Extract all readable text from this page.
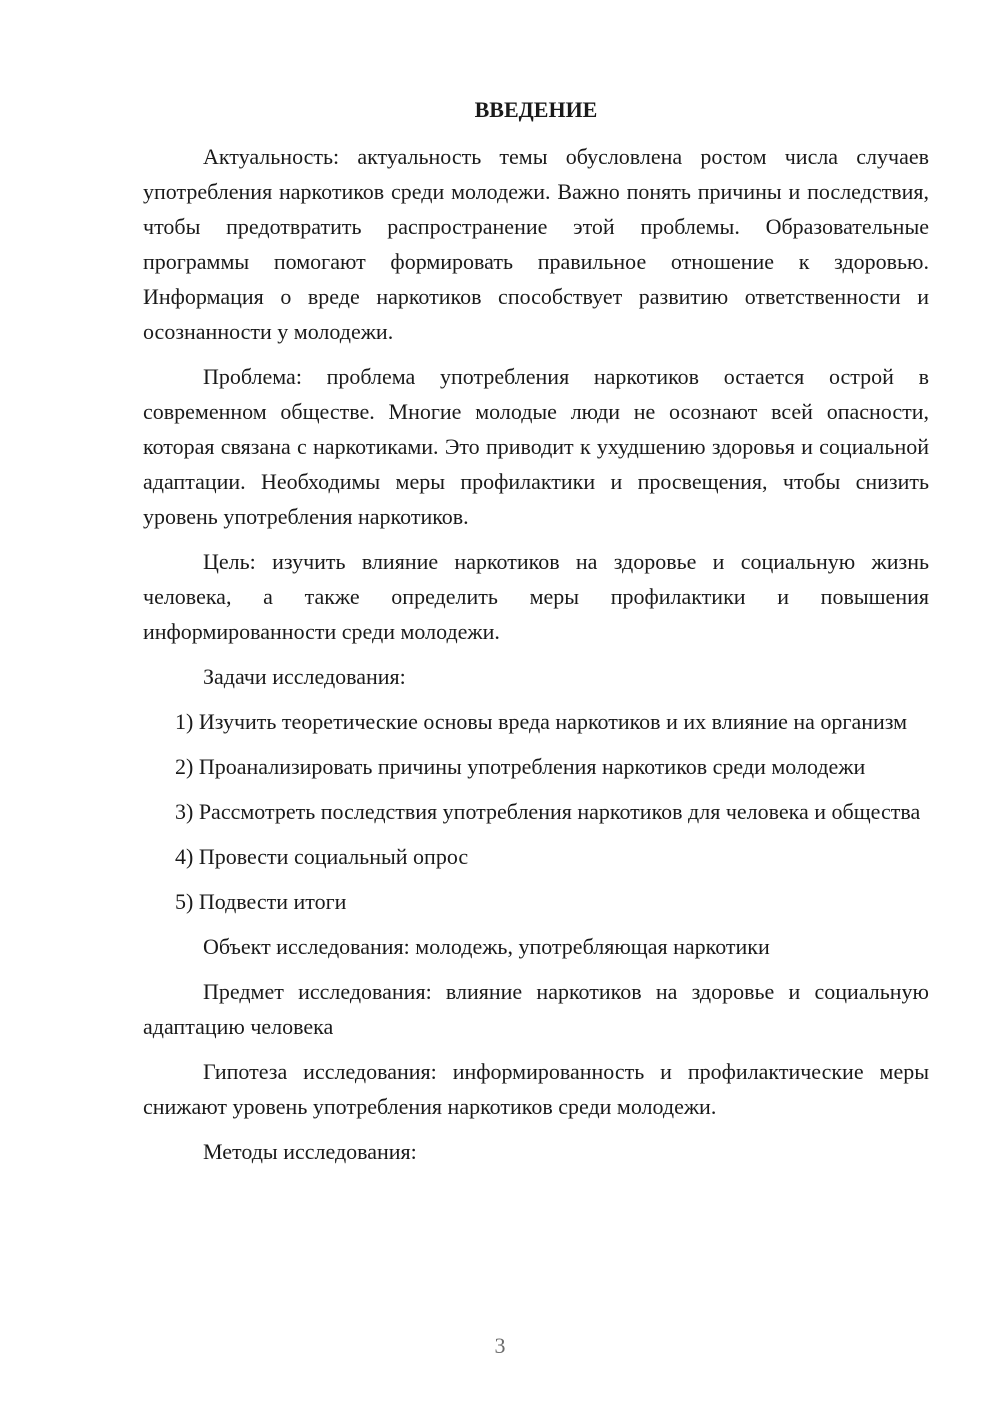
ВВЕДЕНИЕ

Актуальность: актуальность темы обусловлена ростом числа случаев употребления наркотиков среди молодежи. Важно понять причины и последствия, чтобы предотвратить распространение этой проблемы. Образовательные программы помогают формировать правильное отношение к здоровью. Информация о вреде наркотиков способствует развитию ответственности и осознанности у молодежи.

Проблема: проблема употребления наркотиков остается острой в современном обществе. Многие молодые люди не осознают всей опасности, которая связана с наркотиками. Это приводит к ухудшению здоровья и социальной адаптации. Необходимы меры профилактики и просвещения, чтобы снизить уровень употребления наркотиков.

Цель: изучить влияние наркотиков на здоровье и социальную жизнь человека, а также определить меры профилактики и повышения информированности среди молодежи.

Задачи исследования:

1) Изучить теоретические основы вреда наркотиков и их влияние на организм

2) Проанализировать причины употребления наркотиков среди молодежи

3) Рассмотреть последствия употребления наркотиков для человека и общества

4) Провести социальный опрос

5) Подвести итоги

Объект исследования: молодежь, употребляющая наркотики

Предмет исследования: влияние наркотиков на здоровье и социальную адаптацию человека

Гипотеза исследования: информированность и профилактические меры снижают уровень употребления наркотиков среди молодежи.

Методы исследования:

3
